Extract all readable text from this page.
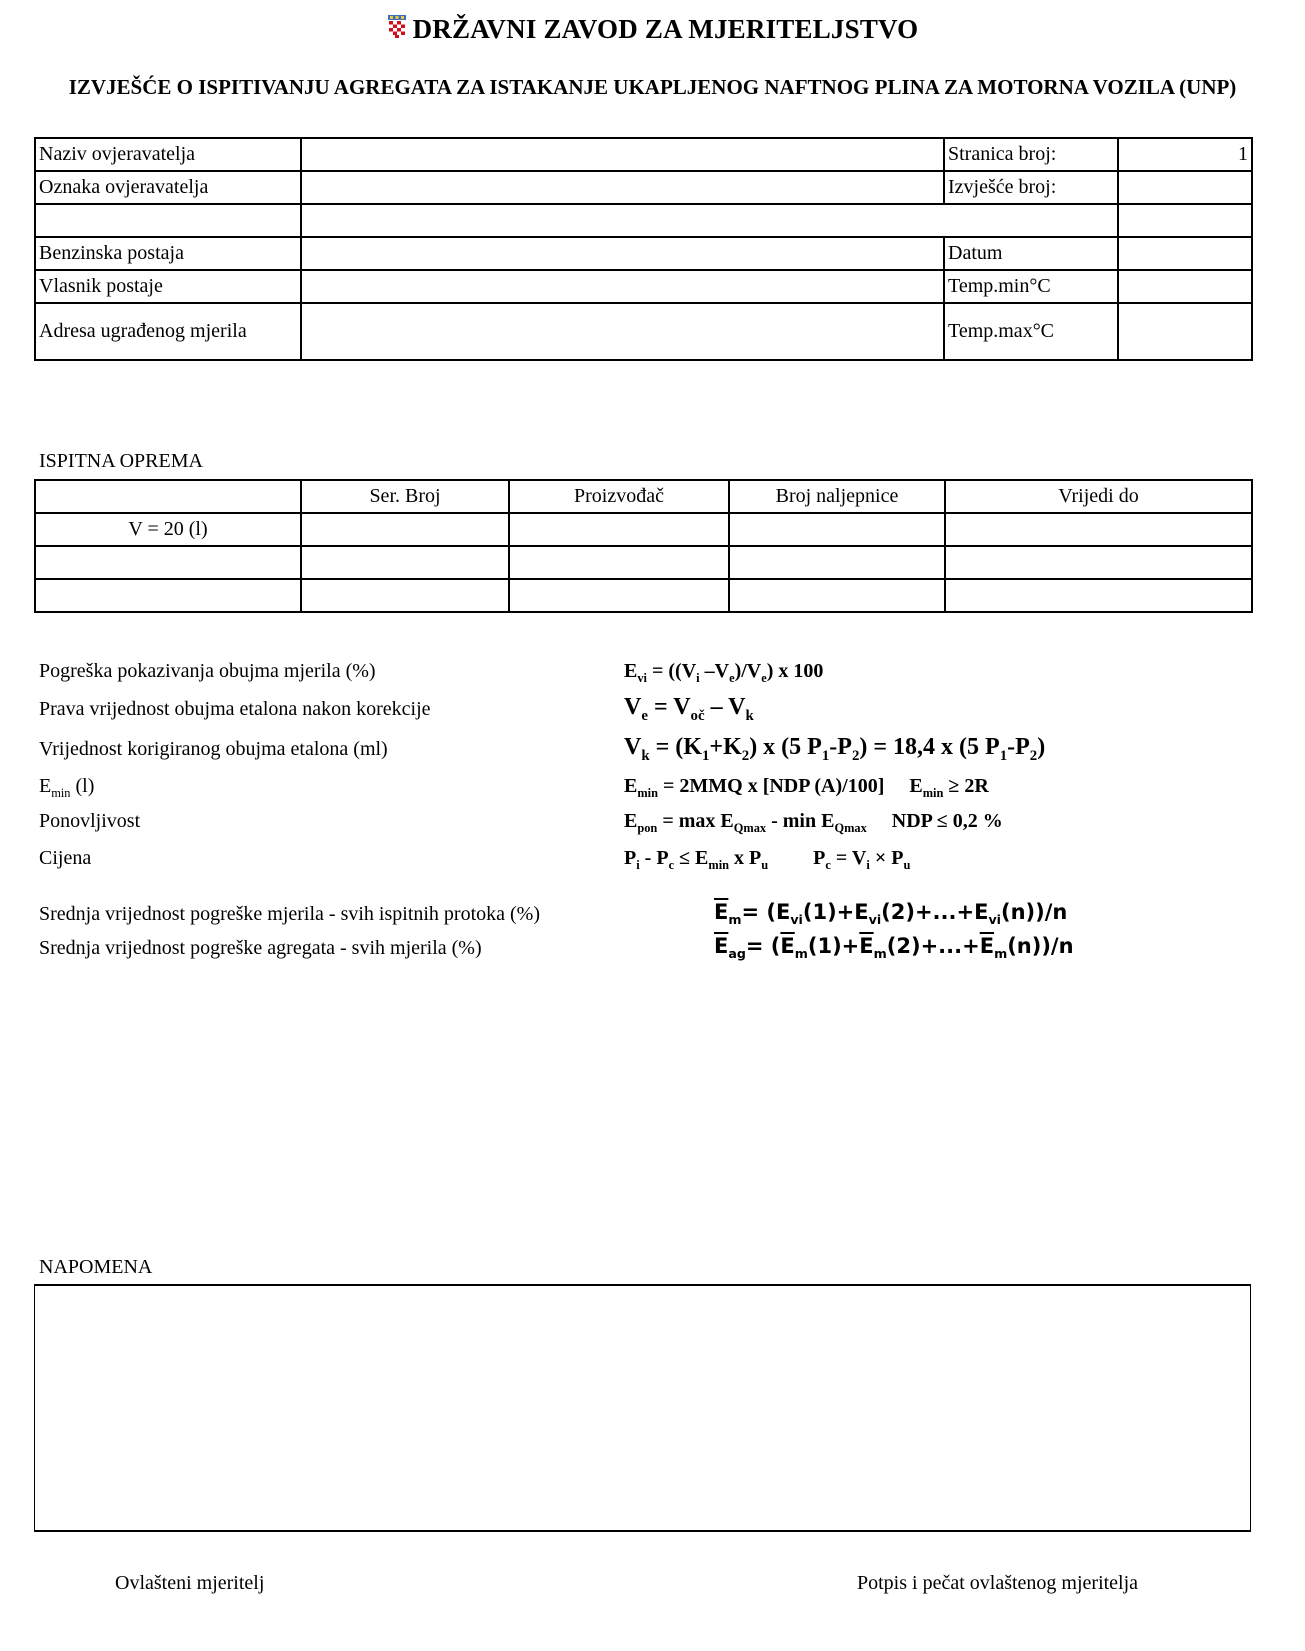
DRŽAVNI ZAVOD ZA MJERITELJSTVO
IZVJEŠĆE O ISPITIVANJU AGREGATA ZA ISTAKANJE UKAPLJENOG NAFTNOG PLINA ZA MOTORNA VOZILA (UNP)
Naziv ovjeravatelja		Stranica broj:	1
Oznaka ovjeravatelja		Izvješće broj:	

Benzinska postaja		Datum	
Vlasnik postaje		Temp.min°C	
Adresa ugrađenog mjerila		Temp.max°C	
ISPITNA OPREMA
	Ser. Broj	Proizvođač	Broj naljepnice	Vrijedi do
V = 20 (l)				

Pogreška pokazivanja obujma mjerila (%)	$E_{vi} = ((V_i$ $-V_e)/V_e$) x 100
Prava vrijednost obujma etalona nakon korekcije	$V_e = V_{oč} - V_k$
Vrijednost korigiranog obujma etalona (ml)	$V_k = (K_1+K_2)$ x (5 $P_1-P_2) = 18,4$ x (5 $P_1-P_2$)
$E_{min}$ (l)	$E_{min} = 2MMQ$ x [NDP (A)/100]     $E_{min} \ge 2R$
Ponovljivost	$E_{pon} = \max E_{Qmax} - \min E_{Qmax}$     NDP ≤ 0,2 %
Cijena	$P_i - P_c \le E_{min}$ x $P_u$         $P_c = V_i \times P_u$
Srednja vrijednost pogreške mjerila - svih ispitnih protoka (%)	$\overline{E}_m= (E_{vi}(1)+E_{vi}(2)+...+E_{vi}(n))/n$
Srednja vrijednost pogreške agregata - svih mjerila (%)	$\overline{E}_{ag}= (\overline{E}_m(1)+\overline{E}_m(2)+...+\overline{E}_m(n))/n$
NAPOMENA
Ovlašteni mjeritelj	Potpis i pečat ovlaštenog mjeritelja
